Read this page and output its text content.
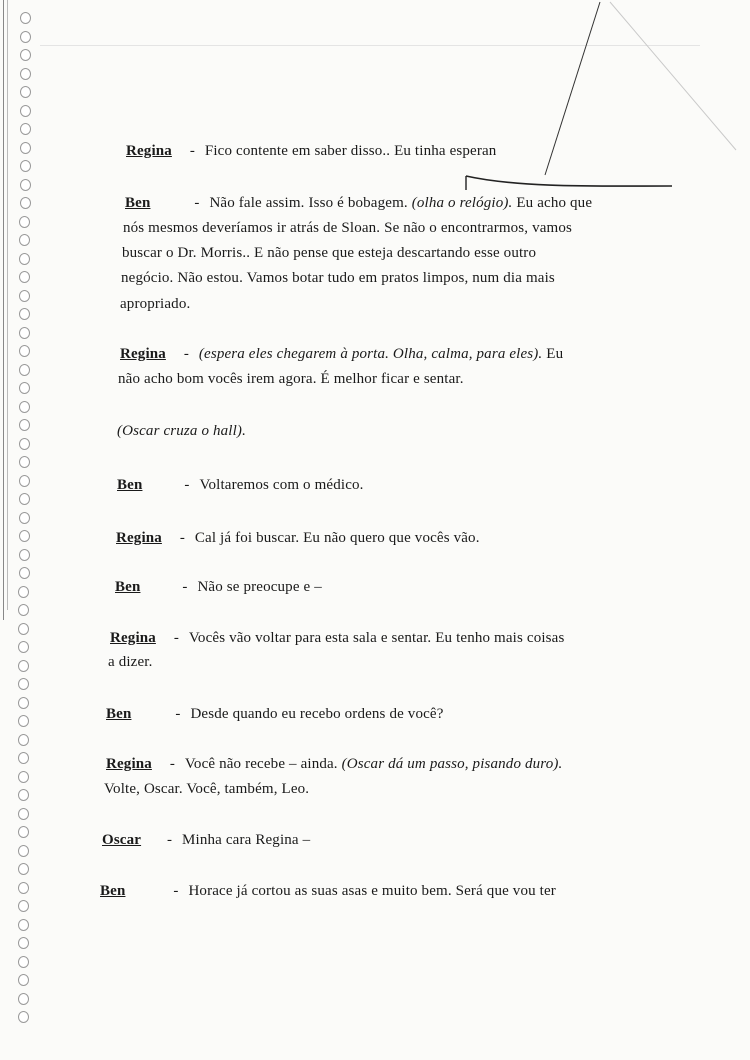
Regina - Fico contente em saber disso.. Eu tinha esperan
Ben	- Não fale assim. Isso é bobagem. (olha o relógio). Eu acho que
nós mesmos deveríamos ir atrás de Sloan. Se não o encontrarmos, vamos
buscar o Dr. Morris.. E não pense que esteja descartando esse outro
negócio. Não estou. Vamos botar tudo em pratos limpos, num dia mais
apropriado.
Regina - (espera eles chegarem à porta. Olha, calma, para eles). Eu
não acho bom vocês irem agora. É melhor ficar e sentar.
(Oscar cruza o hall).
Ben	- Voltaremos com o médico.
Regina - Cal já foi buscar. Eu não quero que vocês vão.
Ben	- Não se preocupe e –
Regina - Vocês vão voltar para esta sala e sentar. Eu tenho mais coisas
a dizer.
Ben	- Desde quando eu recebo ordens de você?
Regina - Você não recebe – ainda. (Oscar dá um passo, pisando duro).
Volte, Oscar. Você, também, Leo.
Oscar - Minha cara Regina –
Ben	- Horace já cortou as suas asas e muito bem. Será que vou ter
